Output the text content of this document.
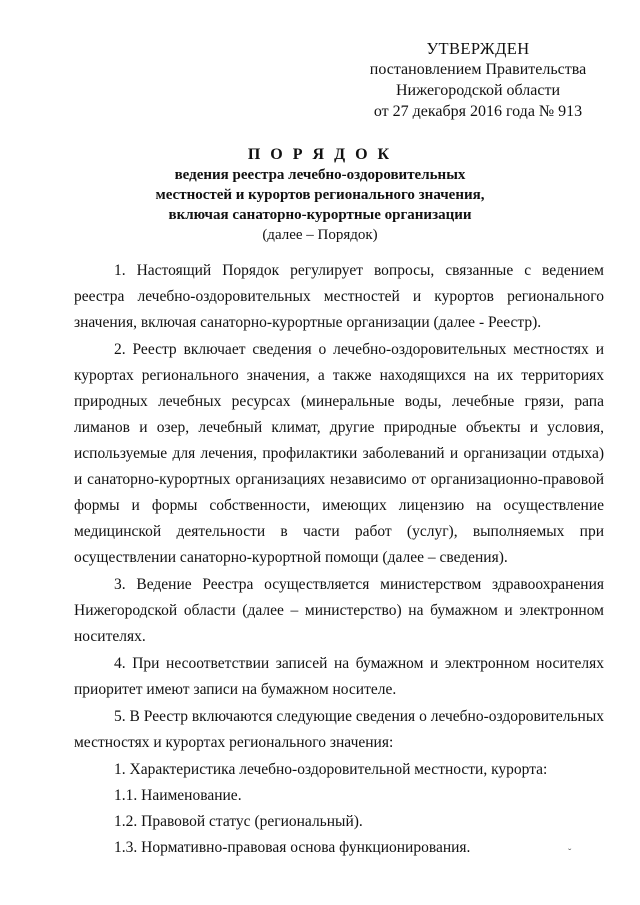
УТВЕРЖДЕН
постановлением Правительства
Нижегородской области
от 27 декабря 2016 года № 913
П О Р Я Д О К
ведения реестра лечебно-оздоровительных
местностей и курортов регионального значения,
включая санаторно-курортные организации
(далее – Порядок)

1. Настоящий Порядок регулирует вопросы, связанные с ведением реестра лечебно-оздоровительных местностей и курортов регионального значения, включая санаторно-курортные организации (далее - Реестр).

2. Реестр включает сведения о лечебно-оздоровительных местностях и курортах регионального значения, а также находящихся на их территориях природных лечебных ресурсах (минеральные воды, лечебные грязи, рапа лиманов и озер, лечебный климат, другие природные объекты и условия, используемые для лечения, профилактики заболеваний и организации отдыха) и санаторно-курортных организациях независимо от организационно-правовой формы и формы собственности, имеющих лицензию на осуществление медицинской деятельности в части работ (услуг), выполняемых при осуществлении санаторно-курортной помощи (далее – сведения).

3. Ведение Реестра осуществляется министерством здравоохранения Нижегородской области (далее – министерство) на бумажном и электронном носителях.

4. При несоответствии записей на бумажном и электронном носителях приоритет имеют записи на бумажном носителе.

5. В Реестр включаются следующие сведения о лечебно-оздоровительных местностях и курортах регионального значения:

1. Характеристика лечебно-оздоровительной местности, курорта:

1.1. Наименование.

1.2. Правовой статус (региональный).

1.3. Нормативно-правовая основа функционирования.	ˇ
